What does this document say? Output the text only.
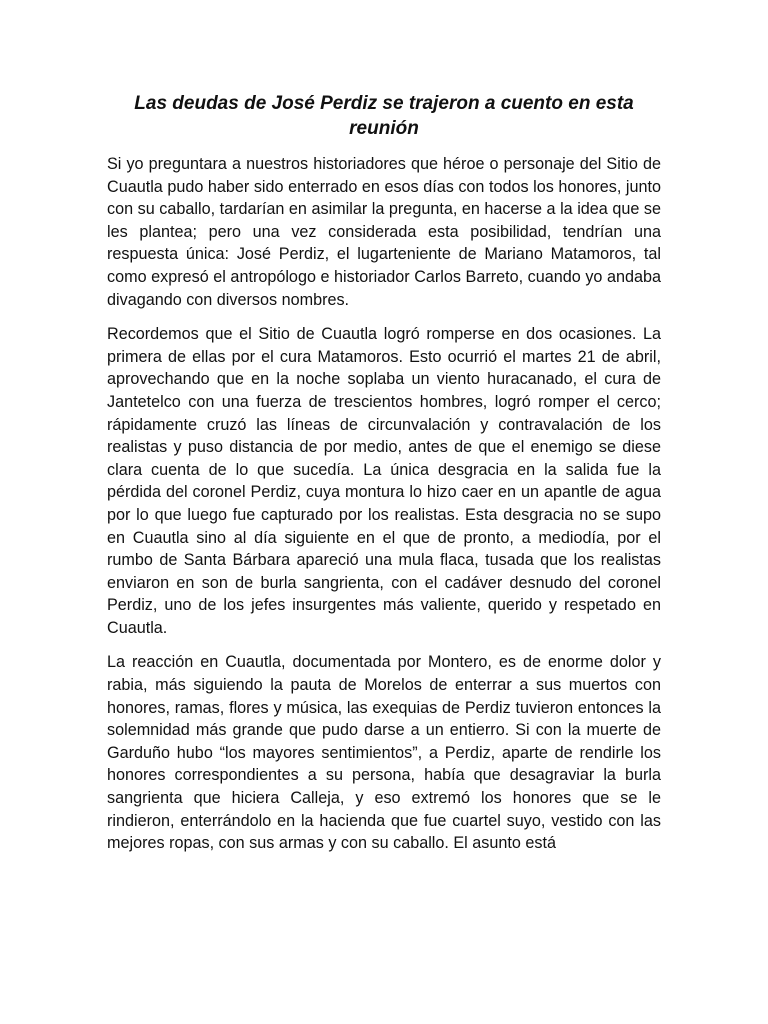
Las deudas de José Perdiz se trajeron a cuento en esta reunión

Si yo preguntara a nuestros historiadores que héroe o personaje del Sitio de Cuautla pudo haber sido enterrado en esos días con todos los honores, junto con su caballo, tardarían en asimilar la pregunta, en hacerse a la idea que se les plantea; pero una vez considerada esta posibilidad, tendrían una respuesta única: José Perdiz, el lugarteniente de Mariano Matamoros, tal como expresó el antropólogo e historiador Carlos Barreto, cuando yo andaba divagando con diversos nombres.

Recordemos que el Sitio de Cuautla logró romperse en dos ocasiones. La primera de ellas por el cura Matamoros. Esto ocurrió el martes 21 de abril, aprovechando que en la noche soplaba un viento huracanado, el cura de Jantetelco con una fuerza de trescientos hombres, logró romper el cerco; rápidamente cruzó las líneas de circunvalación y contravalación de los realistas y puso distancia de por medio, antes de que el enemigo se diese clara cuenta de lo que sucedía. La única desgracia en la salida fue la pérdida del coronel Perdiz, cuya montura lo hizo caer en un apantle de agua por lo que luego fue capturado por los realistas. Esta desgracia no se supo en Cuautla sino al día siguiente en el que de pronto, a mediodía, por el rumbo de Santa Bárbara apareció una mula flaca, tusada que los realistas enviaron en son de burla sangrienta, con el cadáver desnudo del coronel Perdiz, uno de los jefes insurgentes más valiente, querido y respetado en Cuautla.

La reacción en Cuautla, documentada por Montero, es de enorme dolor y rabia, más siguiendo la pauta de Morelos de enterrar a sus muertos con honores, ramas, flores y música, las exequias de Perdiz tuvieron entonces la solemnidad más grande que pudo darse a un entierro. Si con la muerte de Garduño hubo “los mayores sentimientos”, a Perdiz, aparte de rendirle los honores correspondientes a su persona, había que desagraviar la burla sangrienta que hiciera Calleja, y eso extremó los honores que se le rindieron, enterrándolo en la hacienda que fue cuartel suyo, vestido con las mejores ropas, con sus armas y con su caballo. El asunto está
